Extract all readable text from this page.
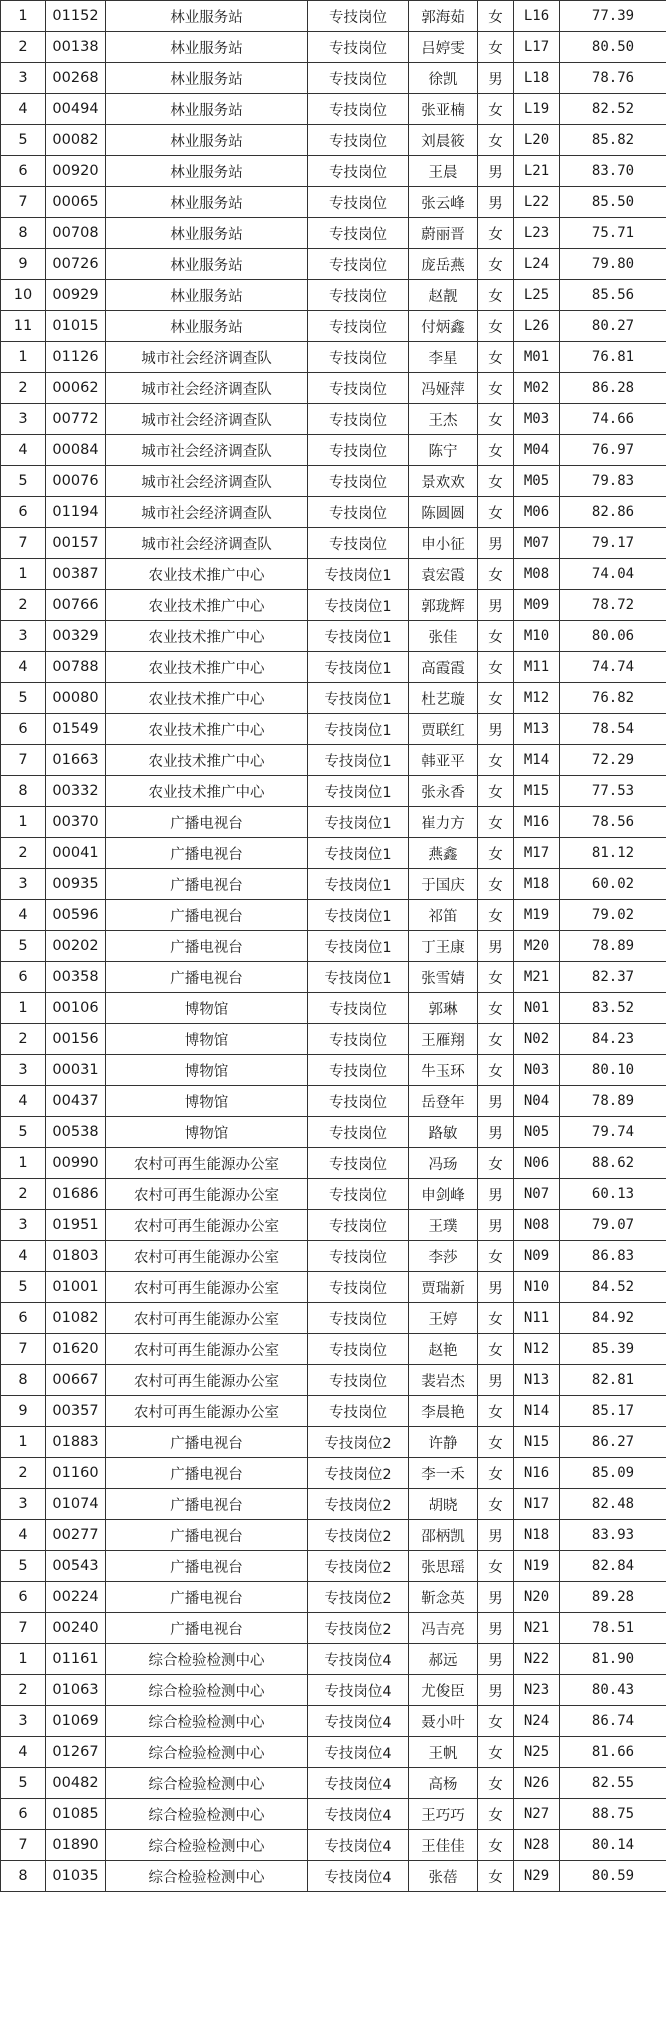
1	01152	林业服务站	专技岗位	郭海茹	女	L16	77.39
2	00138	林业服务站	专技岗位	吕婷雯	女	L17	80.50
3	00268	林业服务站	专技岗位	徐凯	男	L18	78.76
4	00494	林业服务站	专技岗位	张亚楠	女	L19	82.52
5	00082	林业服务站	专技岗位	刘晨筱	女	L20	85.82
6	00920	林业服务站	专技岗位	王晨	男	L21	83.70
7	00065	林业服务站	专技岗位	张云峰	男	L22	85.50
8	00708	林业服务站	专技岗位	蔚丽晋	女	L23	75.71
9	00726	林业服务站	专技岗位	庞岳燕	女	L24	79.80
10	00929	林业服务站	专技岗位	赵靓	女	L25	85.56
11	01015	林业服务站	专技岗位	付炳鑫	女	L26	80.27
1	01126	城市社会经济调查队	专技岗位	李星	女	M01	76.81
2	00062	城市社会经济调查队	专技岗位	冯娅萍	女	M02	86.28
3	00772	城市社会经济调查队	专技岗位	王杰	女	M03	74.66
4	00084	城市社会经济调查队	专技岗位	陈宁	女	M04	76.97
5	00076	城市社会经济调查队	专技岗位	景欢欢	女	M05	79.83
6	01194	城市社会经济调查队	专技岗位	陈圆圆	女	M06	82.86
7	00157	城市社会经济调查队	专技岗位	申小征	男	M07	79.17
1	00387	农业技术推广中心	专技岗位1	袁宏霞	女	M08	74.04
2	00766	农业技术推广中心	专技岗位1	郭珑辉	男	M09	78.72
3	00329	农业技术推广中心	专技岗位1	张佳	女	M10	80.06
4	00788	农业技术推广中心	专技岗位1	高霞霞	女	M11	74.74
5	00080	农业技术推广中心	专技岗位1	杜艺璇	女	M12	76.82
6	01549	农业技术推广中心	专技岗位1	贾联红	男	M13	78.54
7	01663	农业技术推广中心	专技岗位1	韩亚平	女	M14	72.29
8	00332	农业技术推广中心	专技岗位1	张永香	女	M15	77.53
1	00370	广播电视台	专技岗位1	崔力方	女	M16	78.56
2	00041	广播电视台	专技岗位1	燕鑫	女	M17	81.12
3	00935	广播电视台	专技岗位1	于国庆	女	M18	60.02
4	00596	广播电视台	专技岗位1	祁笛	女	M19	79.02
5	00202	广播电视台	专技岗位1	丁王康	男	M20	78.89
6	00358	广播电视台	专技岗位1	张雪婧	女	M21	82.37
1	00106	博物馆	专技岗位	郭琳	女	N01	83.52
2	00156	博物馆	专技岗位	王雁翔	女	N02	84.23
3	00031	博物馆	专技岗位	牛玉环	女	N03	80.10
4	00437	博物馆	专技岗位	岳登年	男	N04	78.89
5	00538	博物馆	专技岗位	路敏	男	N05	79.74
1	00990	农村可再生能源办公室	专技岗位	冯玚	女	N06	88.62
2	01686	农村可再生能源办公室	专技岗位	申剑峰	男	N07	60.13
3	01951	农村可再生能源办公室	专技岗位	王璞	男	N08	79.07
4	01803	农村可再生能源办公室	专技岗位	李莎	女	N09	86.83
5	01001	农村可再生能源办公室	专技岗位	贾瑞新	男	N10	84.52
6	01082	农村可再生能源办公室	专技岗位	王婷	女	N11	84.92
7	01620	农村可再生能源办公室	专技岗位	赵艳	女	N12	85.39
8	00667	农村可再生能源办公室	专技岗位	裴岩杰	男	N13	82.81
9	00357	农村可再生能源办公室	专技岗位	李晨艳	女	N14	85.17
1	01883	广播电视台	专技岗位2	许静	女	N15	86.27
2	01160	广播电视台	专技岗位2	李一禾	女	N16	85.09
3	01074	广播电视台	专技岗位2	胡晓	女	N17	82.48
4	00277	广播电视台	专技岗位2	邵柄凯	男	N18	83.93
5	00543	广播电视台	专技岗位2	张思瑶	女	N19	82.84
6	00224	广播电视台	专技岗位2	靳念英	男	N20	89.28
7	00240	广播电视台	专技岗位2	冯吉亮	男	N21	78.51
1	01161	综合检验检测中心	专技岗位4	郝远	男	N22	81.90
2	01063	综合检验检测中心	专技岗位4	尤俊臣	男	N23	80.43
3	01069	综合检验检测中心	专技岗位4	聂小叶	女	N24	86.74
4	01267	综合检验检测中心	专技岗位4	王帆	女	N25	81.66
5	00482	综合检验检测中心	专技岗位4	高杨	女	N26	82.55
6	01085	综合检验检测中心	专技岗位4	王巧巧	女	N27	88.75
7	01890	综合检验检测中心	专技岗位4	王佳佳	女	N28	80.14
8	01035	综合检验检测中心	专技岗位4	张蓓	女	N29	80.59
